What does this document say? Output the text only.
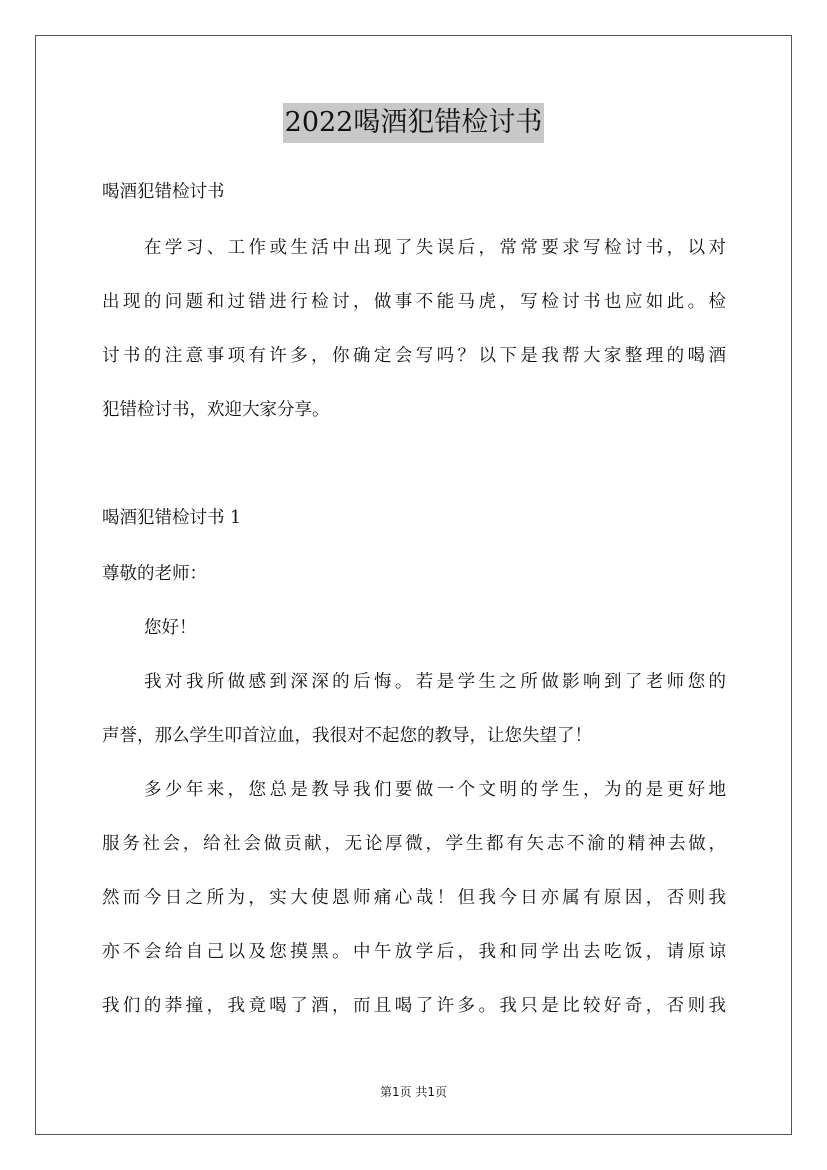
2022喝酒犯错检讨书

喝酒犯错检讨书

在学习、工作或生活中出现了失误后，常常要求写检讨书，以对

出现的问题和过错进行检讨，做事不能马虎，写检讨书也应如此。检

讨书的注意事项有许多，你确定会写吗？以下是我帮大家整理的喝酒

犯错检讨书，欢迎大家分享。

喝酒犯错检讨书 1

尊敬的老师：

您好！

我对我所做感到深深的后悔。若是学生之所做影响到了老师您的

声誉，那么学生叩首泣血，我很对不起您的教导，让您失望了！

多少年来，您总是教导我们要做一个文明的学生，为的是更好地

服务社会，给社会做贡献，无论厚微，学生都有矢志不渝的精神去做，

然而今日之所为，实大使恩师痛心哉！但我今日亦属有原因，否则我

亦不会给自己以及您摸黑。中午放学后，我和同学出去吃饭，请原谅

我们的莽撞，我竟喝了酒，而且喝了许多。我只是比较好奇，否则我

第1页 共1页
